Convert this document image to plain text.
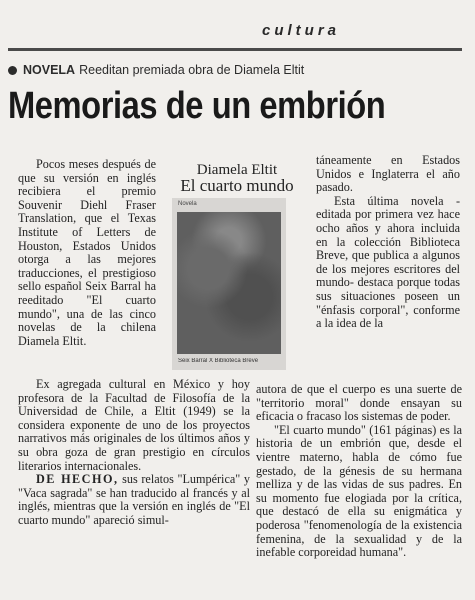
cultura
NOVELA Reeditan premiada obra de Diamela Eltit
Memorias de un embrión

Pocos meses después de que su versión en inglés recibiera el premio Souvenir Diehl Fraser Translation, que el Texas Institute of Letters de Houston, Estados Unidos otorga a las mejores traducciones, el prestigioso sello español Seix Barral ha reeditado "El cuarto mundo", una de las cinco novelas de la chilena Diamela Eltit.

Diamela Eltit
El cuarto mundo
Novela
Seix Barral X Biblioteca Breve

Ex agregada cultural en México y hoy profesora de la Facultad de Filosofía de la Universidad de Chile, a Eltit (1949) se la considera exponente de uno de los proyectos narrativos más originales de los últimos años y su obra goza de gran prestigio en círculos literarios internacionales.

DE HECHO, sus relatos "Lumpérica" y "Vaca sagrada" se han traducido al francés y al inglés, mientras que la versión en inglés de "El cuarto mundo" apareció simul-

táneamente en Estados Unidos e Inglaterra el año pasado.

Esta última novela -editada por primera vez hace ocho años y ahora incluida en la colección Biblioteca Breve, que publica a algunos de los mejores escritores del mundo- destaca porque todas sus situaciones poseen un "énfasis corporal", conforme a la idea de la

autora de que el cuerpo es una suerte de "territorio moral" donde ensayan su eficacia o fracaso los sistemas de poder.

"El cuarto mundo" (161 páginas) es la historia de un embrión que, desde el vientre materno, habla de cómo fue gestado, de la génesis de su hermana melliza y de las vidas de sus padres. En su momento fue elogiada por la crítica, que destacó de ella su enigmática y poderosa "fenomenología de la existencia femenina, de la sexualidad y de la inefable corporeidad humana".
